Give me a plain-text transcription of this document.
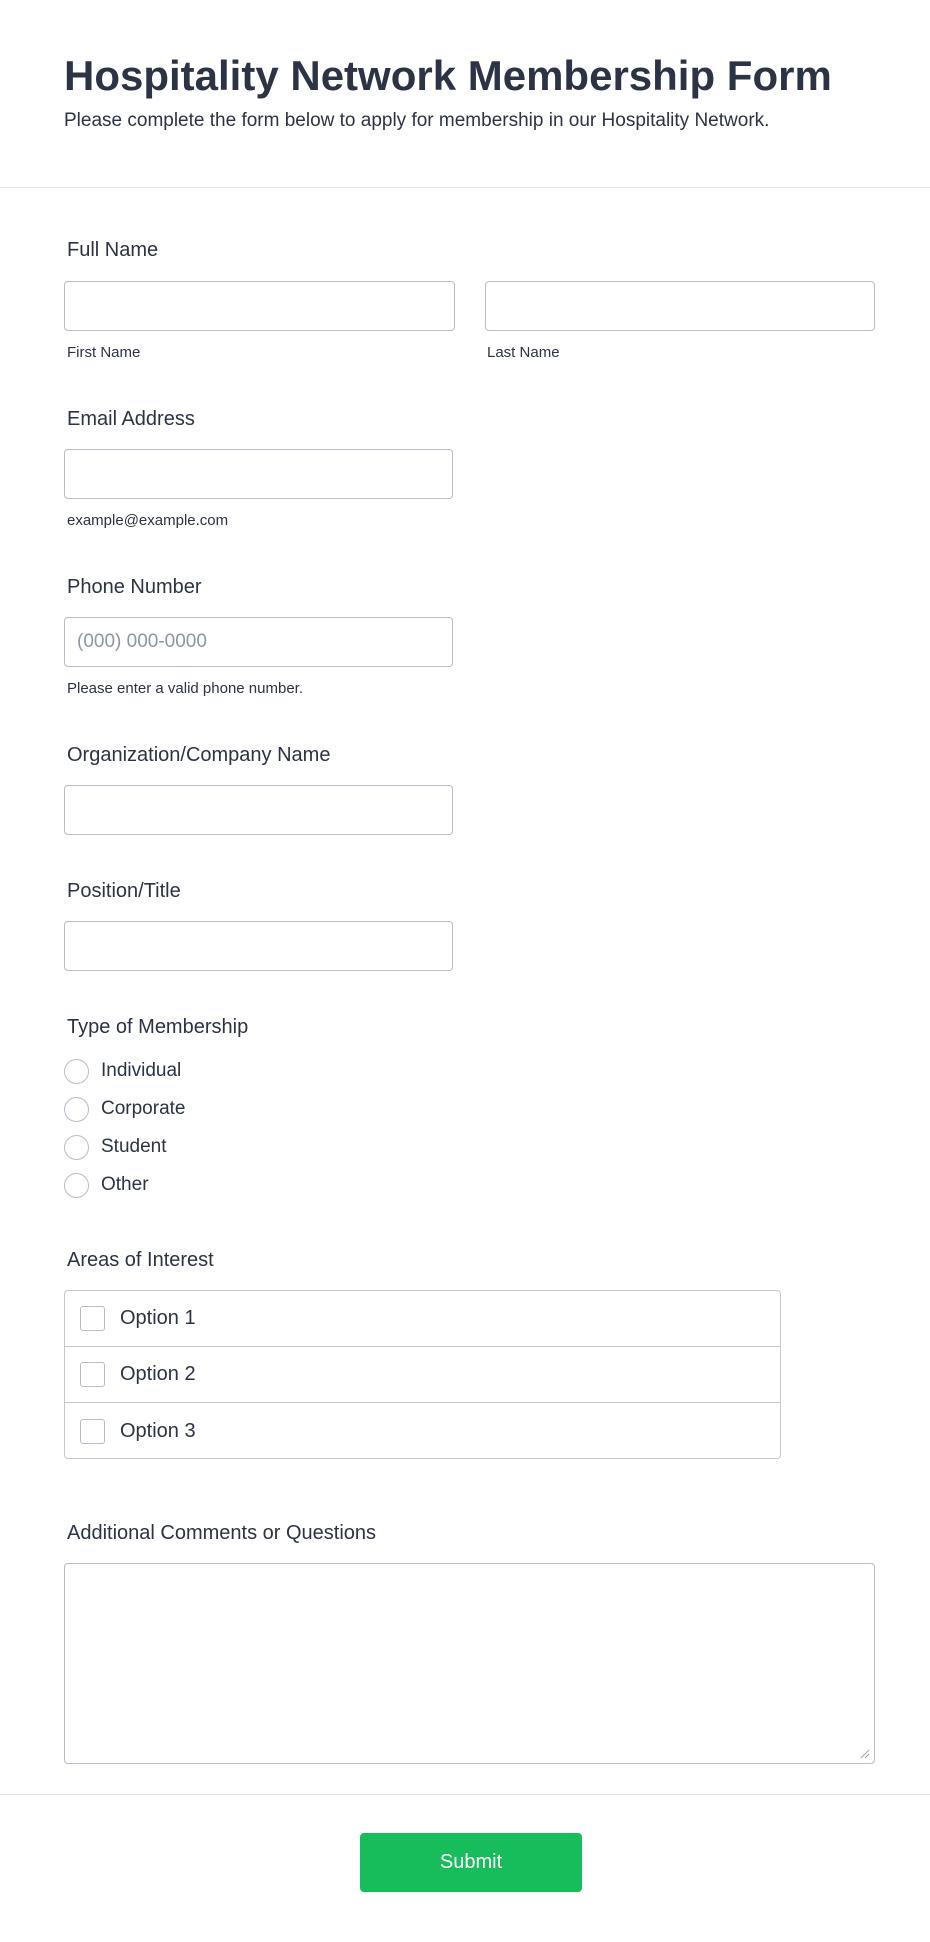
Hospitality Network Membership Form
Please complete the form below to apply for membership in our Hospitality Network.
Full Name
First Name	Last Name
Email Address
example@example.com
Phone Number
(000) 000-0000
Please enter a valid phone number.
Organization/Company Name
Position/Title
Type of Membership
Individual
Corporate
Student
Other
Areas of Interest
Option 1
Option 2
Option 3
Additional Comments or Questions
Submit
